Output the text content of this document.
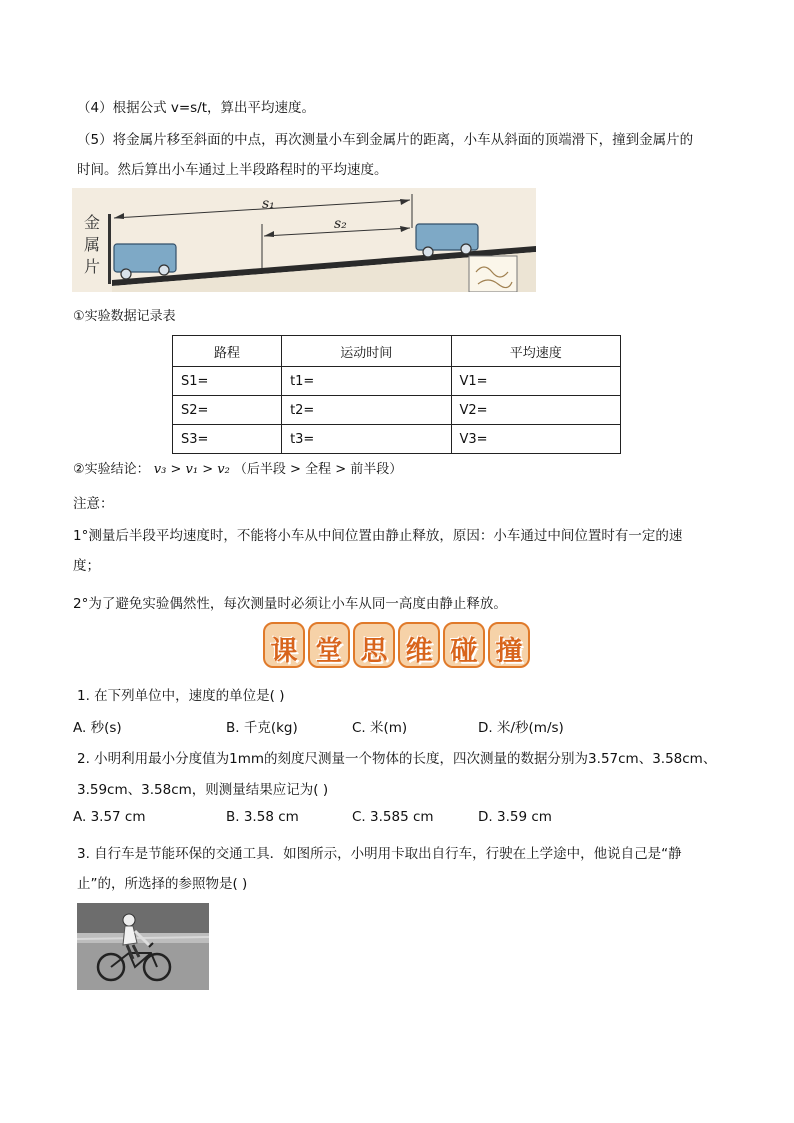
（4）根据公式 v=s/t，算出平均速度。
（5）将金属片移至斜面的中点，再次测量小车到金属片的距离，小车从斜面的顶端滑下，撞到金属片的
时间。然后算出小车通过上半段路程时的平均速度。
s₁
s₂
金
属
片
①实验数据记录表
路程	运动时间	平均速度
S1=	t1=	V1=
S2=	t2=	V2=
S3=	t3=	V3=
②实验结论： v₃ > v₁ > v₂ （后半段 > 全程 > 前半段）
注意：
1°测量后半段平均速度时，不能将小车从中间位置由静止释放，原因：小车通过中间位置时有一定的速
度；
2°为了避免实验偶然性，每次测量时必须让小车从同一高度由静止释放。
课 堂 思 维 碰 撞
1. 在下列单位中，速度的单位是( )
A. 秒(s)	B. 千克(kg)	C. 米(m)	D. 米/秒(m/s)
2. 小明利用最小分度值为1mm的刻度尺测量一个物体的长度，四次测量的数据分别为3.57cm、3.58cm、
3.59cm、3.58cm，则测量结果应记为( )
A. 3.57 cm	B. 3.58 cm	C. 3.585 cm	D. 3.59 cm
3. 自行车是节能环保的交通工具．如图所示，小明用卡取出自行车，行驶在上学途中，他说自己是“静
止”的，所选择的参照物是( )
